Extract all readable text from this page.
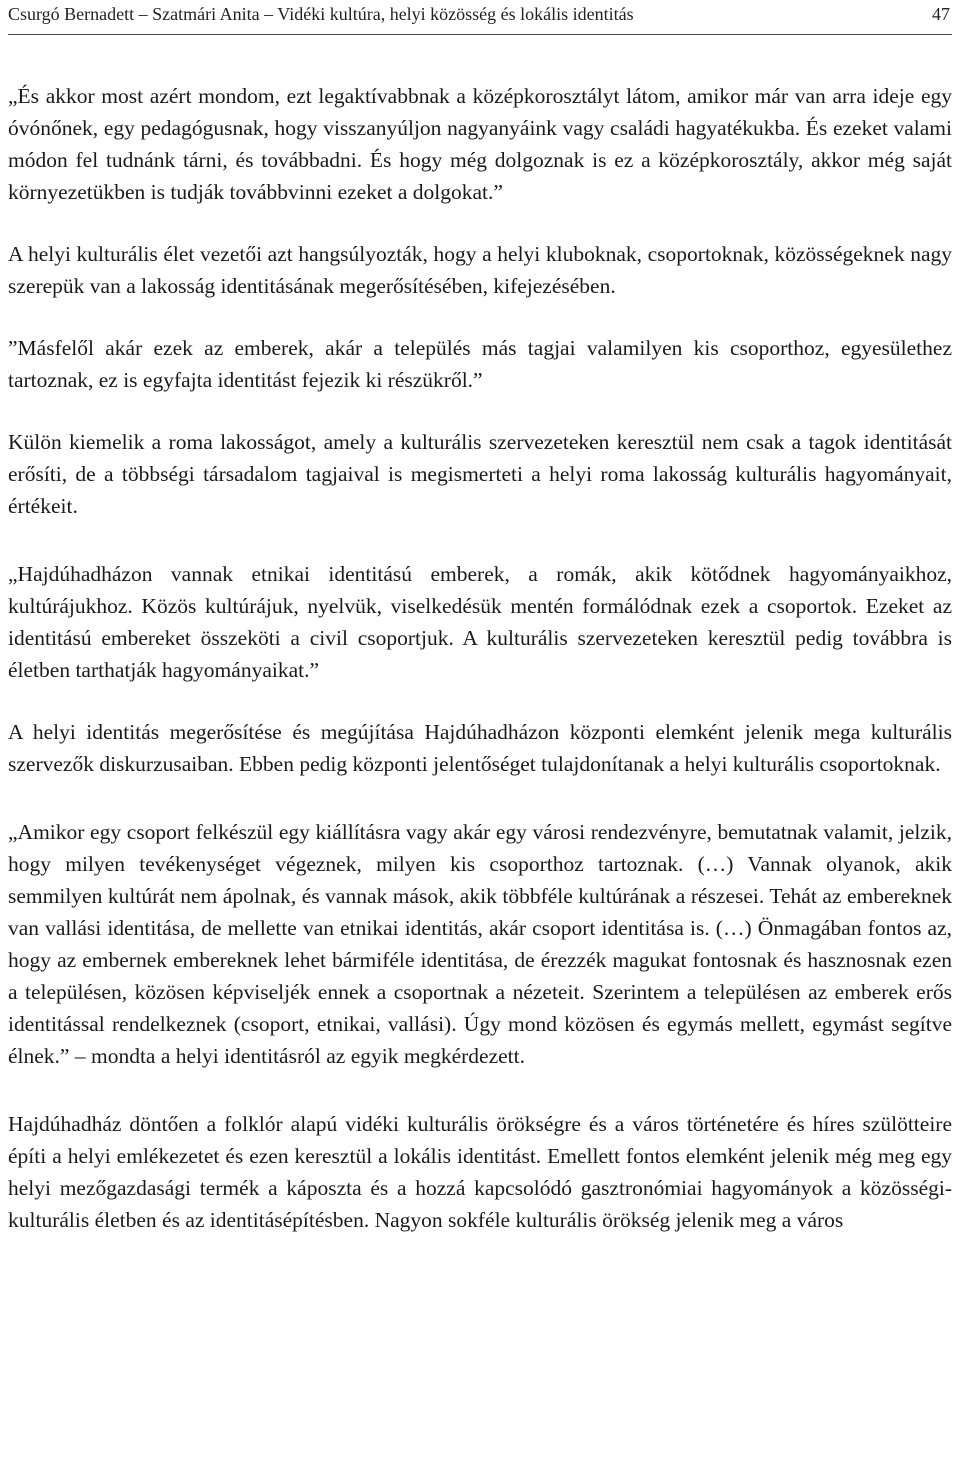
Csurgó Bernadett – Szatmári Anita – Vidéki kultúra, helyi közösség és lokális identitás	47

„És akkor most azért mondom, ezt legaktívabbnak a középkorosztályt látom, amikor már van arra ideje egy óvónőnek, egy pedagógusnak, hogy visszanyúljon nagyanyáink vagy családi hagyatékukba. És ezeket valami módon fel tudnánk tárni, és továbbadni. És hogy még dolgoznak is ez a középkorosztály, akkor még saját környezetükben is tudják továbbvinni ezeket a dolgokat.”

A helyi kulturális élet vezetői azt hangsúlyozták, hogy a helyi kluboknak, csoportoknak, közösségeknek nagy szerepük van a lakosság identitásának megerősítésében, kifejezésében.

”Másfelől akár ezek az emberek, akár a település más tagjai valamilyen kis csoporthoz, egyesülethez tartoznak, ez is egyfajta identitást fejezik ki részükről.”

Külön kiemelik a roma lakosságot, amely a kulturális szervezeteken keresztül nem csak a tagok identitását erősíti, de a többségi társadalom tagjaival is megismerteti a helyi roma lakosság kulturális hagyományait, értékeit.

„Hajdúhadházon vannak etnikai identitású emberek, a romák, akik kötődnek hagyományaikhoz, kultúrájukhoz. Közös kultúrájuk, nyelvük, viselkedésük mentén formálódnak ezek a csoportok. Ezeket az identitású embereket összeköti a civil csoportjuk. A kulturális szervezeteken keresztül pedig továbbra is életben tarthatják hagyományaikat.”

A helyi identitás megerősítése és megújítása Hajdúhadházon központi elemként jelenik mega kulturális szervezők diskurzusaiban. Ebben pedig központi jelentőséget tulajdonítanak a helyi kulturális csoportoknak.

„Amikor egy csoport felkészül egy kiállításra vagy akár egy városi rendezvényre, bemutatnak valamit, jelzik, hogy milyen tevékenységet végeznek, milyen kis csoporthoz tartoznak. (…) Vannak olyanok, akik semmilyen kultúrát nem ápolnak, és vannak mások, akik többféle kultúrának a részesei. Tehát az embereknek van vallási identitása, de mellette van etnikai identitás, akár csoport identitása is. (…) Önmagában fontos az, hogy az embernek embereknek lehet bármiféle identitása, de érezzék magukat fontosnak és hasznosnak ezen a településen, közösen képviseljék ennek a csoportnak a nézeteit. Szerintem a településen az emberek erős identitással rendelkeznek (csoport, etnikai, vallási). Úgy mond közösen és egymás mellett, egymást segítve élnek.” – mondta a helyi identitásról az egyik megkérdezett.

Hajdúhadház döntően a folklór alapú vidéki kulturális örökségre és a város történetére és híres szülötteire építi a helyi emlékezetet és ezen keresztül a lokális identitást. Emellett fontos elemként jelenik még meg egy helyi mezőgazdasági termék a káposzta és a hozzá kapcsolódó gasztronómiai hagyományok a közösségi-kulturális életben és az identitásépítésben. Nagyon sokféle kulturális örökség jelenik meg a város
